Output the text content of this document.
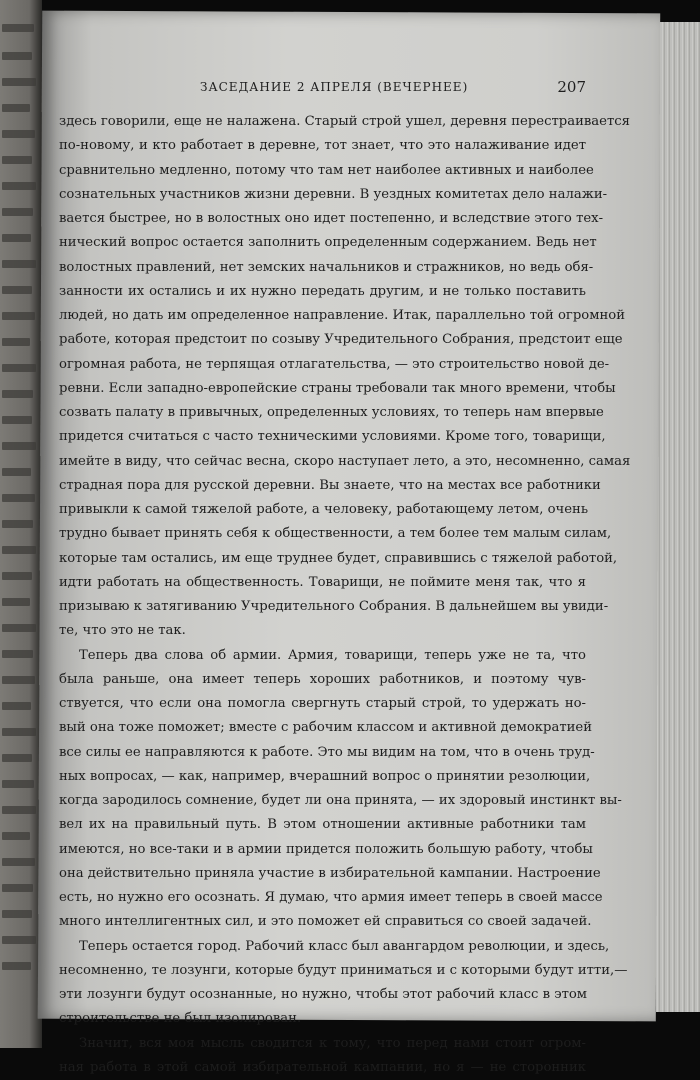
ЗАСЕДАНИЕ 2 АПРЕЛЯ (ВЕЧЕРНЕЕ)	207
здесь говорили, еще не налажена. Старый строй ушел, деревня перестраивается
по-новому, и кто работает в деревне, тот знает, что это налаживание идет
сравнительно медленно, потому что там нет наиболее активных и наиболее
сознательных участников жизни деревни. В уездных комитетах дело налажи-
вается быстрее, но в волостных оно идет постепенно, и вследствие этого тех-
нический вопрос остается заполнить определенным содержанием. Ведь нет
волостных правлений, нет земских начальников и стражников, но ведь обя-
занности их остались и их нужно передать другим, и не только поставить
людей, но дать им определенное направление. Итак, параллельно той огромной
работе, которая предстоит по созыву Учредительного Собрания, предстоит еще
огромная работа, не терпящая отлагательства, — это строительство новой де-
ревни. Если западно-европейские страны требовали так много времени, чтобы
созвать палату в привычных, определенных условиях, то теперь нам впервые
придется считаться с часто техническими условиями. Кроме того, товарищи,
имейте в виду, что сейчас весна, скоро наступает лето, а это, несомненно, самая
страдная пора для русской деревни. Вы знаете, что на местах все работники
привыкли к самой тяжелой работе, а человеку, работающему летом, очень
трудно бывает принять себя к общественности, а тем более тем малым силам,
которые там остались, им еще труднее будет, справившись с тяжелой работой,
идти работать на общественность. Товарищи, не поймите меня так, что я
призываю к затягиванию Учредительного Собрания. В дальнейшем вы увиди-
те, что это не так.
Теперь два слова об армии. Армия, товарищи, теперь уже не та, что
была раньше, она имеет теперь хороших работников, и поэтому чув-
ствуется, что если она помогла свергнуть старый строй, то удержать но-
вый она тоже поможет; вместе с рабочим классом и активной демократией
все силы ее направляются к работе. Это мы видим на том, что в очень труд-
ных вопросах, — как, например, вчерашний вопрос о принятии резолюции,
когда зародилось сомнение, будет ли она принята, — их здоровый инстинкт вы-
вел их на правильный путь. В этом отношении активные работники там
имеются, но все-таки и в армии придется положить большую работу, чтобы
она действительно приняла участие в избирательной кампании. Настроение
есть, но нужно его осознать. Я думаю, что армия имеет теперь в своей массе
много интеллигентных сил, и это поможет ей справиться со своей задачей.
Теперь остается город. Рабочий класс был авангардом революции, и здесь,
несомненно, те лозунги, которые будут приниматься и с которыми будут итти,—
эти лозунги будут осознанные, но нужно, чтобы этот рабочий класс в этом
строительстве не был изолирован.
Значит, вся моя мысль сводится к тому, что перед нами стоит огром-
ная работа в этой самой избирательной кампании, но я — не сторонник
